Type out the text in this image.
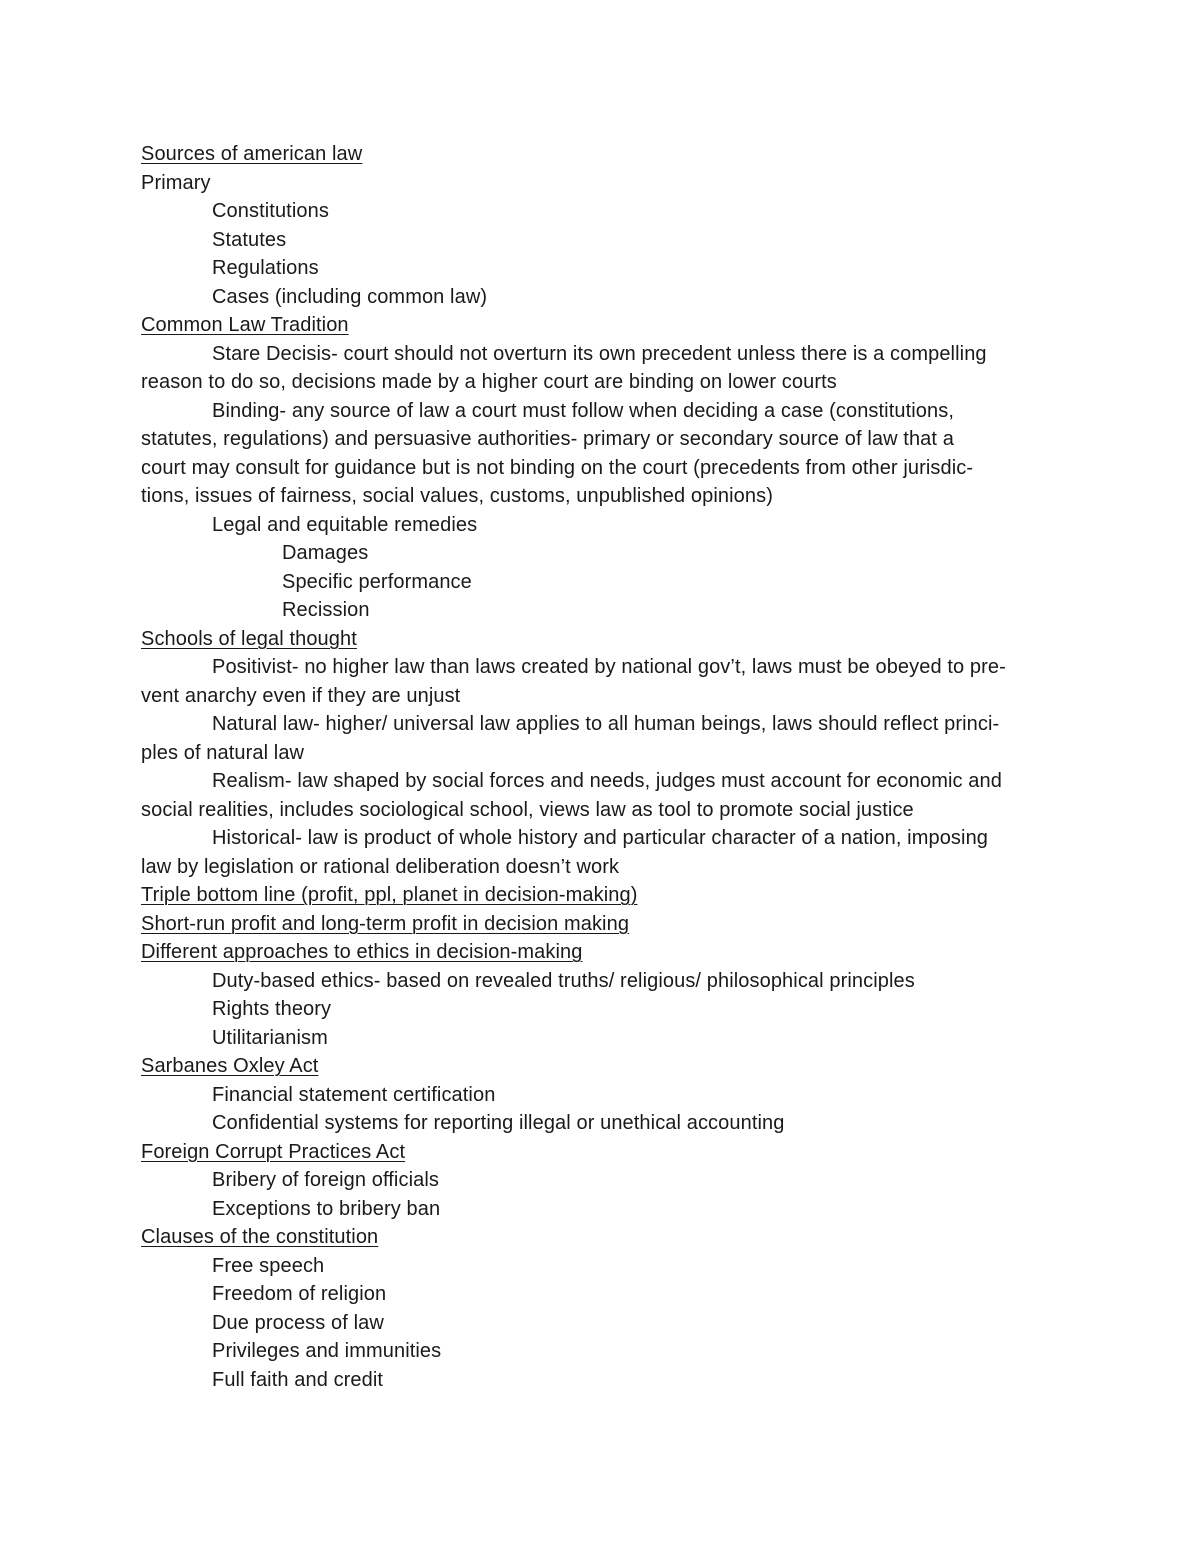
Sources of american law
Primary
Constitutions
Statutes
Regulations
Cases (including common law)
Common Law Tradition
Stare Decisis- court should not overturn its own precedent unless there is a compelling
reason to do so, decisions made by a higher court are binding on lower courts
Binding- any source of law a court must follow when deciding a case (constitutions,
statutes, regulations) and persuasive authorities- primary or secondary source of law that a
court may consult for guidance but is not binding on the court (precedents from other jurisdic-
tions, issues of fairness, social values, customs, unpublished opinions)
Legal and equitable remedies
Damages
Specific performance
Recission
Schools of legal thought
Positivist- no higher law than laws created by national gov’t, laws must be obeyed to pre-
vent anarchy even if they are unjust
Natural law- higher/ universal law applies to all human beings, laws should reflect princi-
ples of natural law
Realism- law shaped by social forces and needs, judges must account for economic and
social realities, includes sociological school, views law as tool to promote social justice
Historical- law is product of whole history and particular character of a nation, imposing
law by legislation or rational deliberation doesn’t work
Triple bottom line (profit, ppl, planet in decision-making)
Short-run profit and long-term profit in decision making
Different approaches to ethics in decision-making
Duty-based ethics- based on revealed truths/ religious/ philosophical principles
Rights theory
Utilitarianism
Sarbanes Oxley Act
Financial statement certification
Confidential systems for reporting illegal or unethical accounting
Foreign Corrupt Practices Act
Bribery of foreign officials
Exceptions to bribery ban
Clauses of the constitution
Free speech
Freedom of religion
Due process of law
Privileges and immunities
Full faith and credit
